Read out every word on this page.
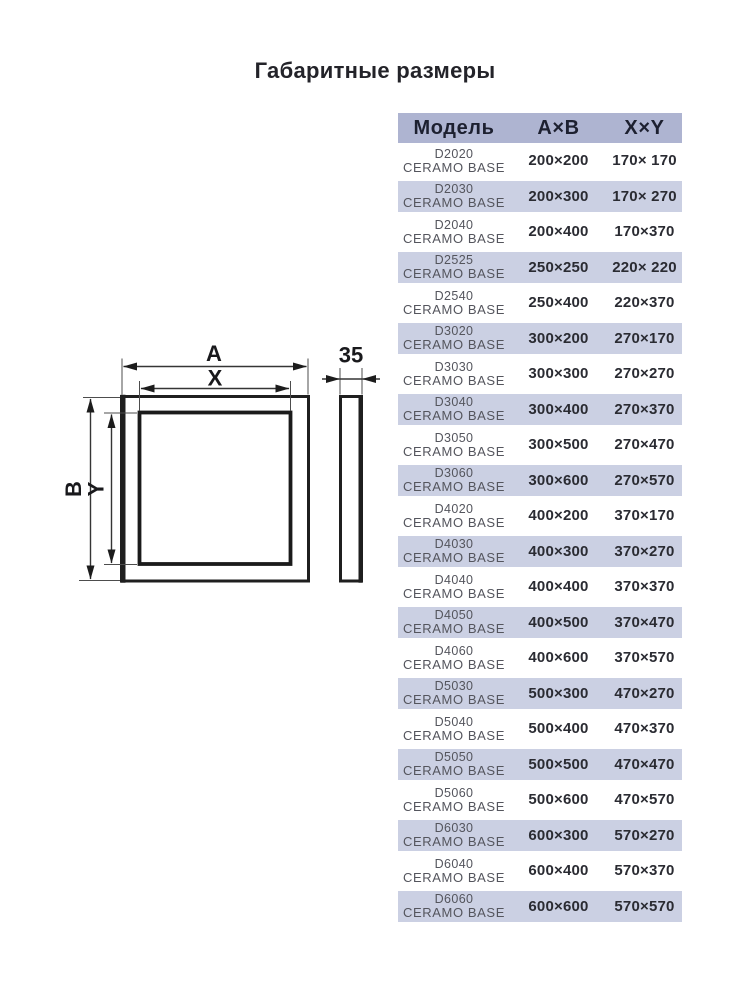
Габаритные размеры
A
X
B
Y
35
Модель	А×В	Х×Y
D2020
CERAMO BASE	200×200	170× 170
D2030
CERAMO BASE	200×300	170× 270
D2040
CERAMO BASE	200×400	170×370
D2525
CERAMO BASE	250×250	220× 220
D2540
CERAMO BASE	250×400	220×370
D3020
CERAMO BASE	300×200	270×170
D3030
CERAMO BASE	300×300	270×270
D3040
CERAMO BASE	300×400	270×370
D3050
CERAMO BASE	300×500	270×470
D3060
CERAMO BASE	300×600	270×570
D4020
CERAMO BASE	400×200	370×170
D4030
CERAMO BASE	400×300	370×270
D4040
CERAMO BASE	400×400	370×370
D4050
CERAMO BASE	400×500	370×470
D4060
CERAMO BASE	400×600	370×570
D5030
CERAMO BASE	500×300	470×270
D5040
CERAMO BASE	500×400	470×370
D5050
CERAMO BASE	500×500	470×470
D5060
CERAMO BASE	500×600	470×570
D6030
CERAMO BASE	600×300	570×270
D6040
CERAMO BASE	600×400	570×370
D6060
CERAMO BASE	600×600	570×570
